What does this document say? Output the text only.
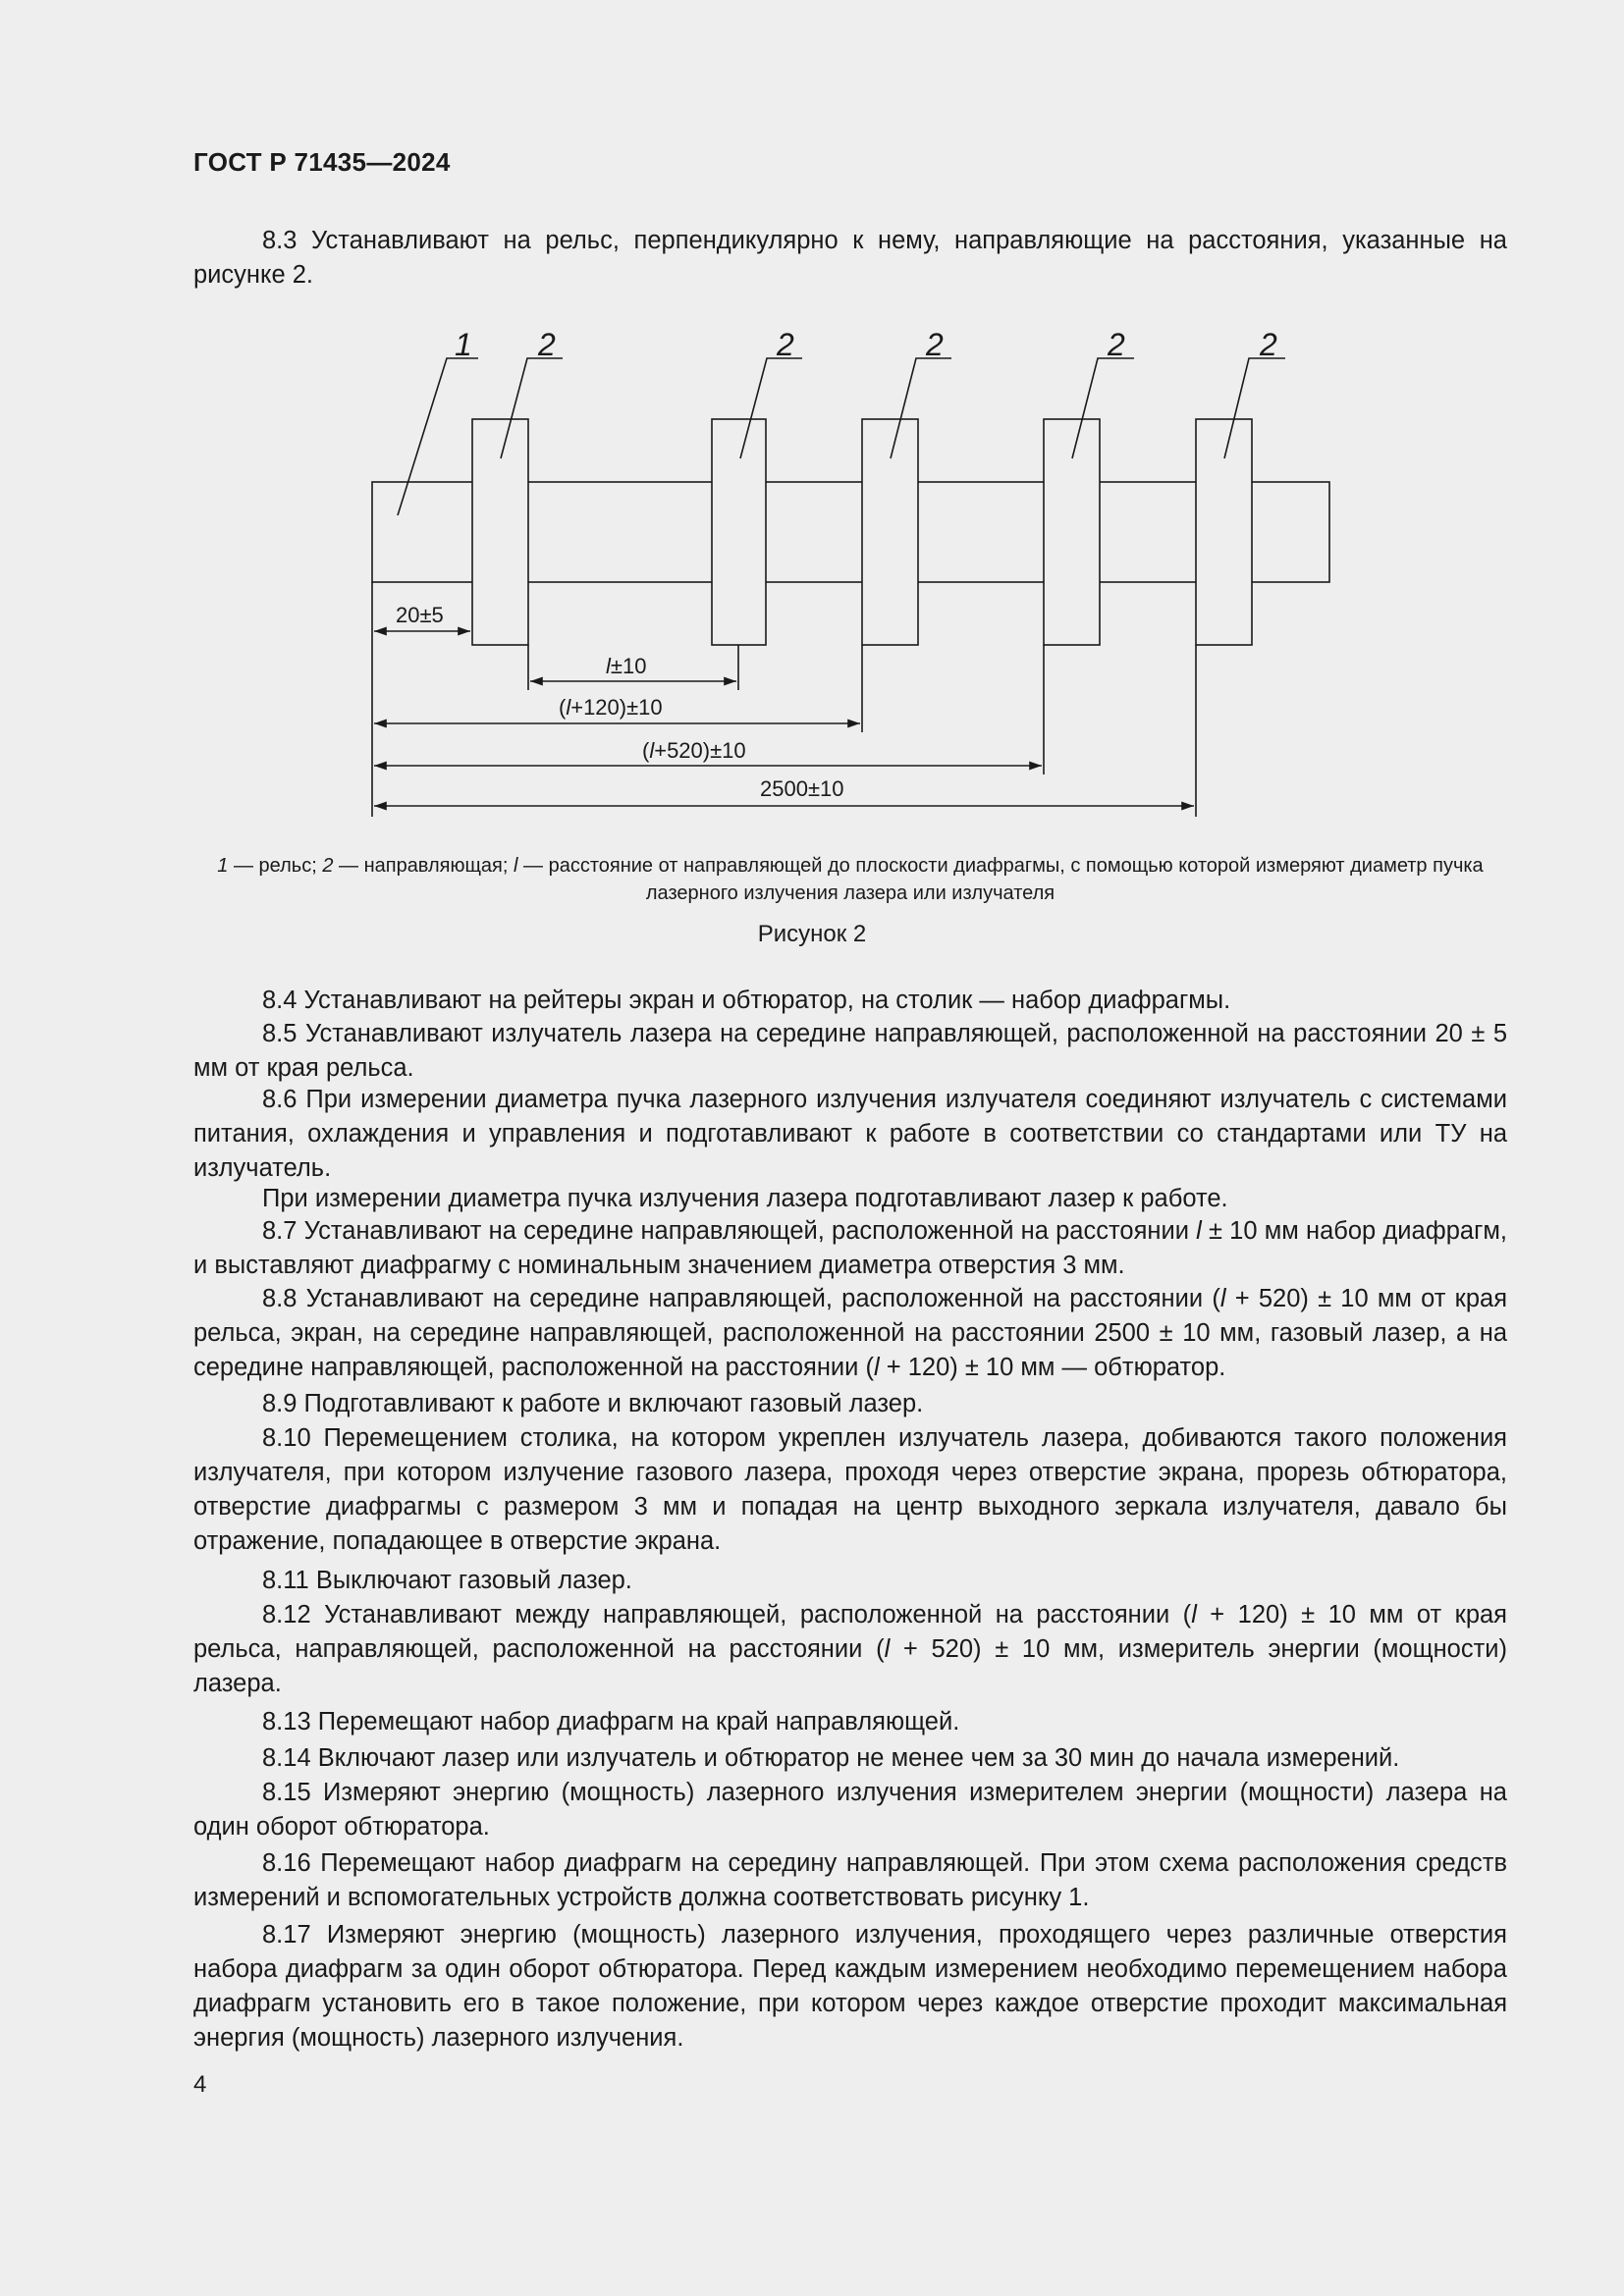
ГОСТ Р 71435—2024
8.3 Устанавливают на рельс, перпендикулярно к нему, направляющие на расстояния, указанные на рисунке 2.
1 2	2	2	2	2
20±5
l±10
(l+120)±10
(l+520)±10
2500±10
1 — рельс; 2 — направляющая; l — расстояние от направляющей до плоскости диафрагмы, с помощью которой измеряют диаметр пучка лазерного излучения лазера или излучателя
Рисунок 2
8.4 Устанавливают на рейтеры экран и обтюратор, на столик — набор диафрагмы.
8.5 Устанавливают излучатель лазера на середине направляющей, расположенной на расстоянии 20 ± 5 мм от края рельса.
8.6 При измерении диаметра пучка лазерного излучения излучателя соединяют излучатель с системами питания, охлаждения и управления и подготавливают к работе в соответствии со стандартами или ТУ на излучатель.
При измерении диаметра пучка излучения лазера подготавливают лазер к работе.
8.7 Устанавливают на середине направляющей, расположенной на расстоянии l ± 10 мм набор диафрагм, и выставляют диафрагму с номинальным значением диаметра отверстия 3 мм.
8.8 Устанавливают на середине направляющей, расположенной на расстоянии (l + 520) ± 10 мм от края рельса, экран, на середине направляющей, расположенной на расстоянии 2500 ± 10 мм, газовый лазер, а на середине направляющей, расположенной на расстоянии (l + 120) ± 10 мм — обтюратор.
8.9 Подготавливают к работе и включают газовый лазер.
8.10 Перемещением столика, на котором укреплен излучатель лазера, добиваются такого положения излучателя, при котором излучение газового лазера, проходя через отверстие экрана, прорезь обтюратора, отверстие диафрагмы с размером 3 мм и попадая на центр выходного зеркала излучателя, давало бы отражение, попадающее в отверстие экрана.
8.11 Выключают газовый лазер.
8.12 Устанавливают между направляющей, расположенной на расстоянии (l + 120) ± 10 мм от края рельса, направляющей, расположенной на расстоянии (l + 520) ± 10 мм, измеритель энергии (мощности) лазера.
8.13 Перемещают набор диафрагм на край направляющей.
8.14 Включают лазер или излучатель и обтюратор не менее чем за 30 мин до начала измерений.
8.15 Измеряют энергию (мощность) лазерного излучения измерителем энергии (мощности) лазера на один оборот обтюратора.
8.16 Перемещают набор диафрагм на середину направляющей. При этом схема расположения средств измерений и вспомогательных устройств должна соответствовать рисунку 1.
8.17 Измеряют энергию (мощность) лазерного излучения, проходящего через различные отверстия набора диафрагм за один оборот обтюратора. Перед каждым измерением необходимо перемещением набора диафрагм установить его в такое положение, при котором через каждое отверстие проходит максимальная энергия (мощность) лазерного излучения.
4
